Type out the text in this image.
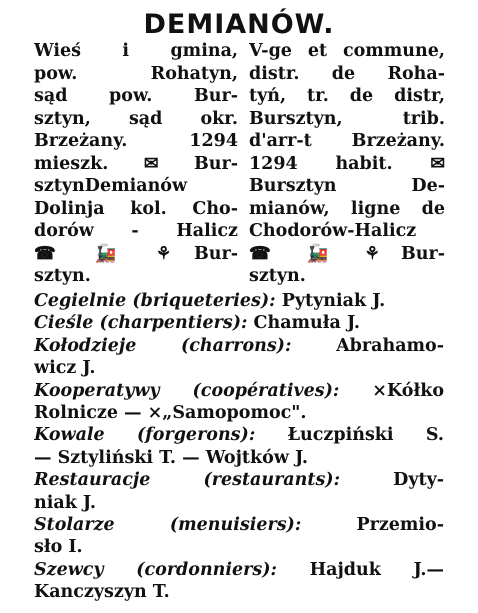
DEMIANÓW.
Wieś i gmina,
pow. Rohatyn,
sąd pow. Bur-
sztyn, sąd okr.
Brzeżany. 1294
mieszk. ✉ Bur-
sztynDemianów
Dolinja kol. Cho-
dorów - Halicz
☎ 🚂 ⚘ Bur-
sztyn.
V-ge et commune,
distr. de Roha-
tyń, tr. de distr,
Bursztyn, trib.
d'arr-t Brzeżany.
1294 habit. ✉
Bursztyn De-
mianów, ligne de
Chodorów-Halicz
☎ 🚂 ⚘ Bur-
sztyn.
Cegielnie (briqueteries): Pytyniak J.
Cieśle (charpentiers): Chamuła J.
Kołodzieje	(charrons): Abrahamo-
wicz J.
Kooperatywy (coopératives): ×Kółko
Rolnicze — ×„Samopomoc".
Kowale (forgerons): Łuczpiński S.
— Sztyliński T. — Wojtków J.
Restauracje	(restaurants): Dyty-
niak J.
Stolarze	(menuisiers): Przemio-
sło I.
Szewcy (cordonniers): Hajduk J.—
Kanczyszyn T.
